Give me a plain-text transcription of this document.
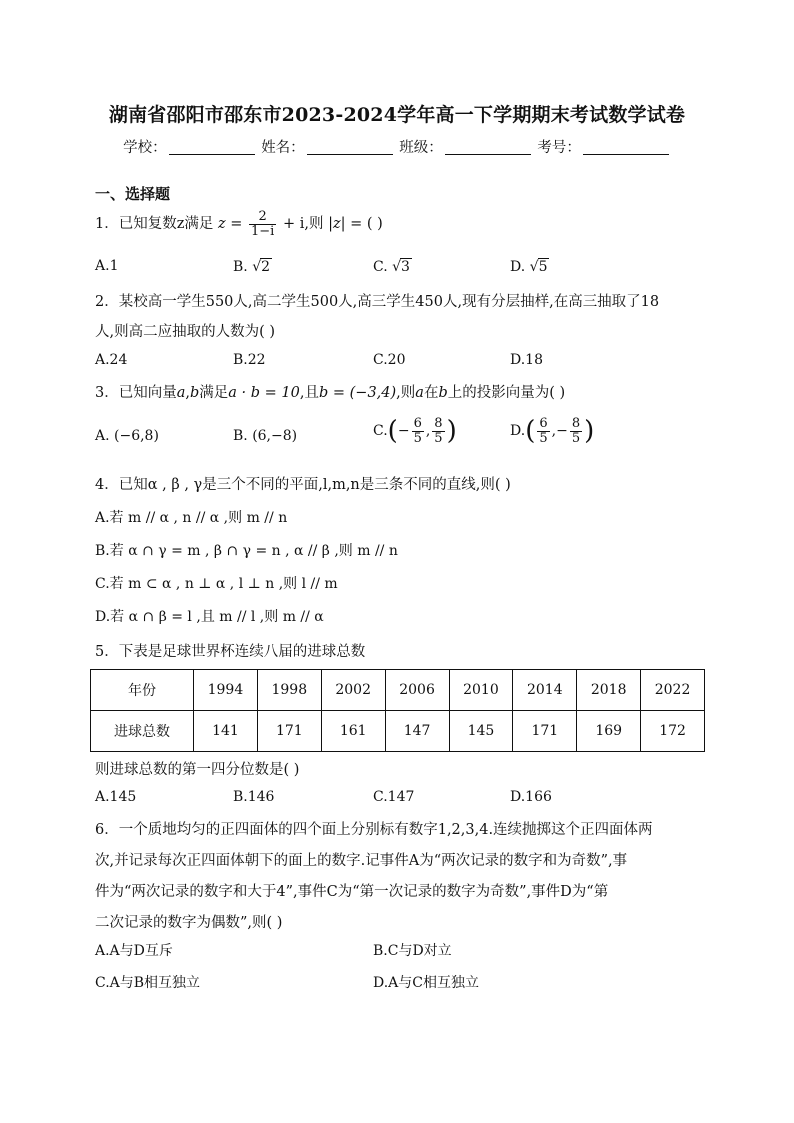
湖南省邵阳市邵东市2023-2024学年高一下学期期末考试数学试卷
学校：	姓名：	班级：	考号：
一、选择题
1．已知复数z满足 $z = \frac{2}{1-i} + i$,则 |z| = ( )
A.1	B. √2	C. √3	D. √5
2．某校高一学生550人,高二学生500人,高三学生450人,现有分层抽样,在高三抽取了18
人,则高二应抽取的人数为( )
A.24	B.22	C.20	D.18
3．已知向量a,b满足a · b = 10,且b = (−3,4),则a在b上的投影向量为( )
A. (−6,8)	B. (6,−8)	$C.(- \frac{6}{5}$ , $\frac{8}{5}$ )	$D.( \frac{6}{5}$ ,− $\frac{8}{5}$ )
4．已知α , β , γ是三个不同的平面,l,m,n是三条不同的直线,则( )
A.若 m // α , n // α ,则 m // n
B.若 α ∩ γ = m , β ∩ γ = n , α // β ,则 m // n
C.若 m ⊂ α , n ⊥ α , l ⊥ n ,则 l // m
D.若 α ∩ β = l ,且 m // l ,则 m // α
5．下表是足球世界杯连续八届的进球总数
年份	1994	1998	2002	2006	2010	2014	2018	2022
进球总数	141	171	161	147	145	171	169	172
则进球总数的第一四分位数是( )
A.145	B.146	C.147	D.166
6．一个质地均匀的正四面体的四个面上分别标有数字1,2,3,4.连续抛掷这个正四面体两
次,并记录每次正四面体朝下的面上的数字.记事件A为“两次记录的数字和为奇数”,事
件为“两次记录的数字和大于4”,事件C为“第一次记录的数字为奇数”,事件D为“第
二次记录的数字为偶数”,则( )
A.A与D互斥	B.C与D对立
C.A与B相互独立	D.A与C相互独立
